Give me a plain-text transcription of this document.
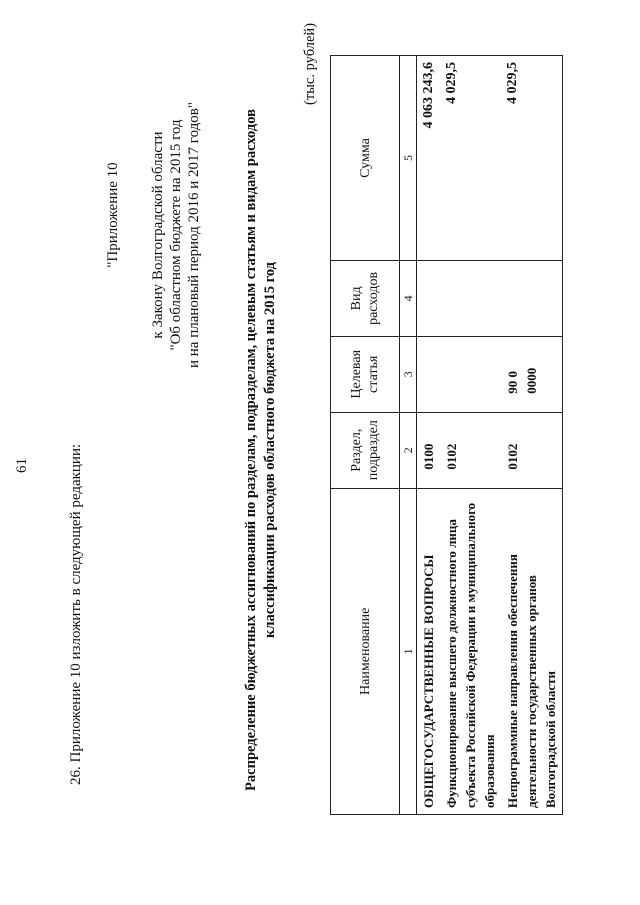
61	26. Приложение 10 изложить в следующей редакции:
"Приложение 10 к Закону Волгоградской области "Об областном бюджете на 2015 год и на плановый период 2016 и 2017 годов"	Распределение бюджетных ассигнований по разделам, подразделам, целевым статьям и видам расходов классификации расходов областного бюджета на 2015 год
(тыс. рублей)
Наименование	Раздел, подраздел	Целевая статья	Вид расходов	Сумма
1	2	3	4	5
ОБЩЕГОСУДАРСТВЕННЫЕ ВОПРОСЫ	0100			4 063 243,6
Функционирование высшего должностного лица субъекта Российской Федерации и муниципального образования	0102			4 029,5
Непрограммные направления обеспечения деятельности государственных органов Волгоградской области	0102	90 0 0000		4 029,5
